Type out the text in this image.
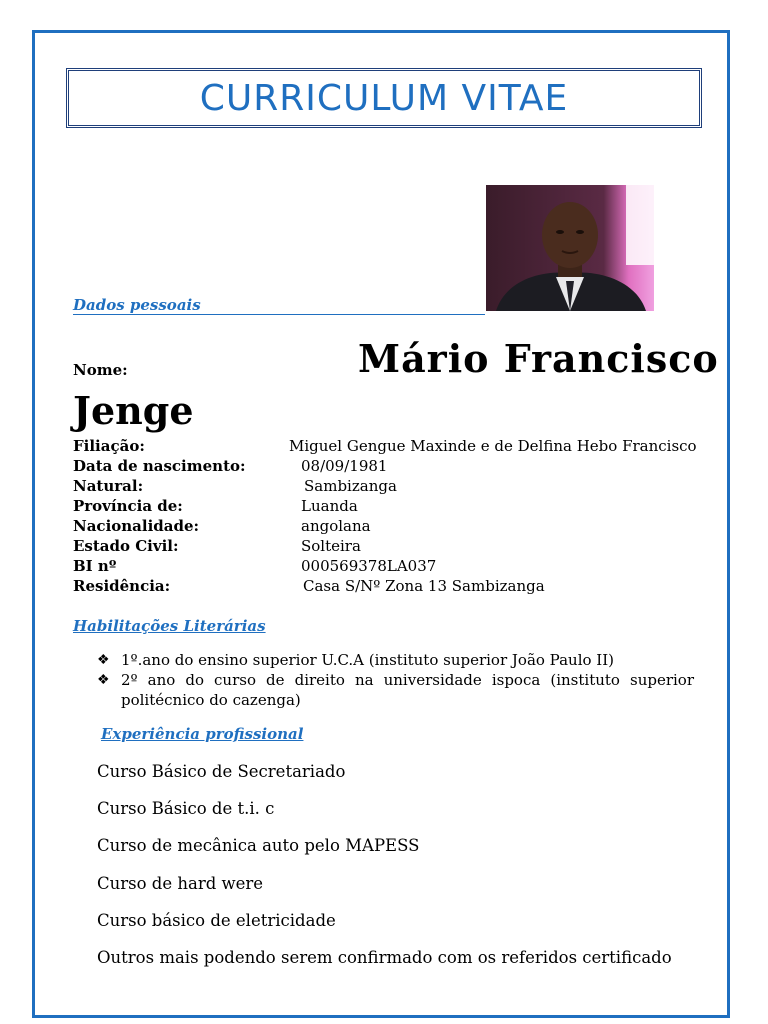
CURRICULUM VITAE
Dados pessoais
Nome:	Mário Francisco
Jenge
Filiação:	Miguel Gengue Maxinde e de Delfina Hebo Francisco
Data de nascimento:	08/09/1981
Natural:	Sambizanga
Província de:	Luanda
Nacionalidade:	angolana
Estado Civil:	Solteira
BI nº	000569378LA037
Residência:	Casa S/Nº Zona 13 Sambizanga
Habilitações Literárias
❖ 1º.ano do ensino superior U.C.A (instituto superior João Paulo II)
❖ 2º ano do curso de direito na universidade ispoca (instituto superior politécnico do cazenga)
Experiência profissional
Curso Básico de Secretariado
Curso Básico de t.i. c
Curso de mecânica auto pelo MAPESS
Curso de hard were
Curso básico de eletricidade
Outros mais podendo serem confirmado com os referidos certificado
